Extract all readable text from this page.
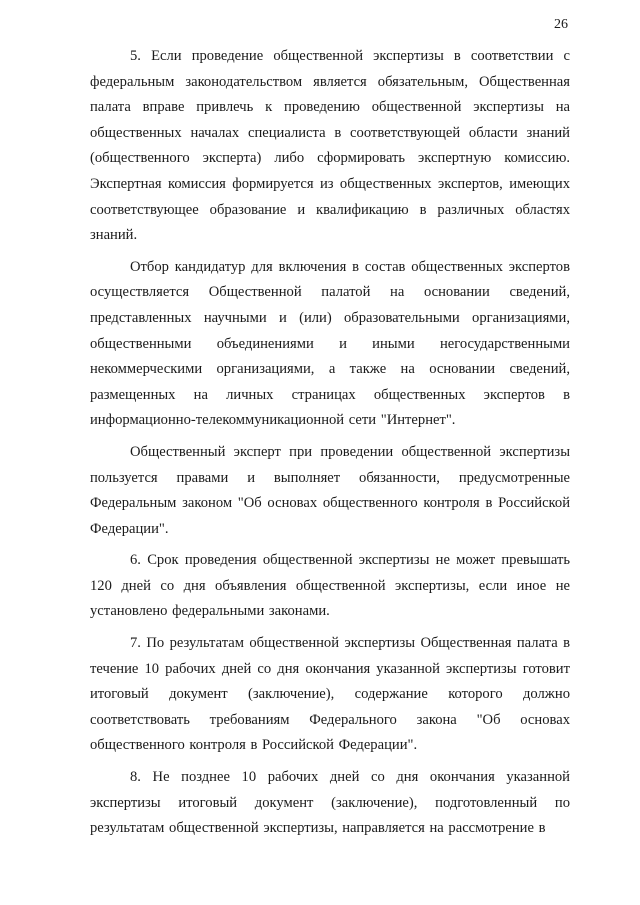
26

5. Если проведение общественной экспертизы в соответствии с федеральным законодательством является обязательным, Общественная палата вправе привлечь к проведению общественной экспертизы на общественных началах специалиста в соответствующей области знаний (общественного эксперта) либо сформировать экспертную комиссию. Экспертная комиссия формируется из общественных экспертов, имеющих соответствующее образование и квалификацию в различных областях знаний.

Отбор кандидатур для включения в состав общественных экспертов осуществляется Общественной палатой на основании сведений, представленных научными и (или) образовательными организациями, общественными объединениями и иными негосударственными некоммерческими организациями, а также на основании сведений, размещенных на личных страницах общественных экспертов в информационно-телекоммуникационной сети "Интернет".

Общественный эксперт при проведении общественной экспертизы пользуется правами и выполняет обязанности, предусмотренные Федеральным законом "Об основах общественного контроля в Российской Федерации".

6. Срок проведения общественной экспертизы не может превышать 120 дней со дня объявления общественной экспертизы, если иное не установлено федеральными законами.

7. По результатам общественной экспертизы Общественная палата в течение 10 рабочих дней со дня окончания указанной экспертизы готовит итоговый документ (заключение), содержание которого должно соответствовать требованиям Федерального закона "Об основах общественного контроля в Российской Федерации".

8. Не позднее 10 рабочих дней со дня окончания указанной экспертизы итоговый документ (заключение), подготовленный по результатам общественной экспертизы, направляется на рассмотрение в
